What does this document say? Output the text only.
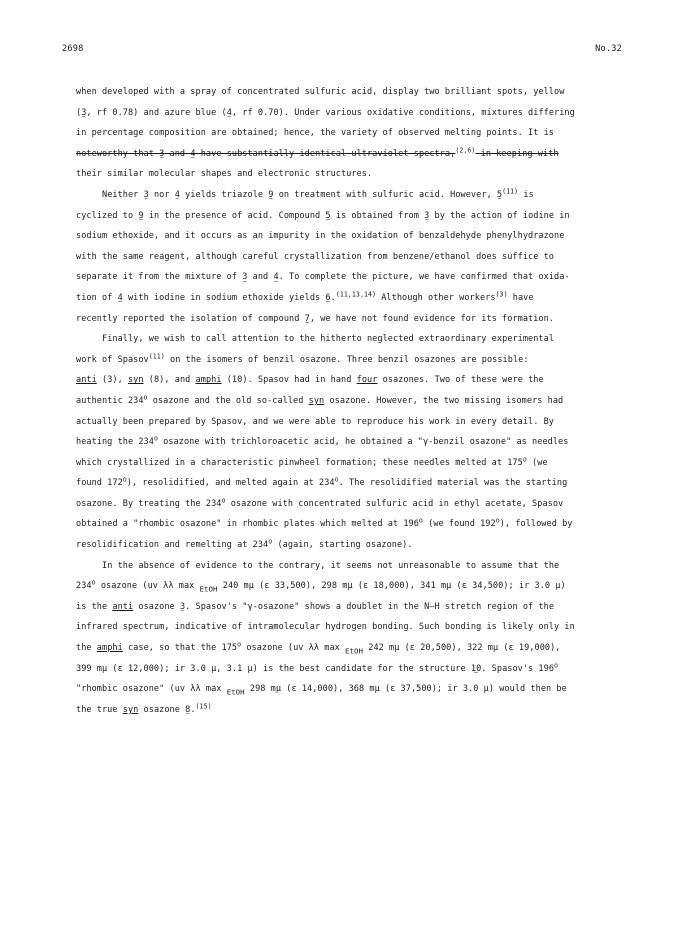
2698	No.32

when developed with a spray of concentrated sulfuric acid, display two brilliant spots, yellow

(3 ~, rf 0.78) and azure blue (4 ~, rf 0.70). Under various oxidative conditions, mixtures differing

in percentage composition are obtained; hence, the variety of observed melting points. It is

noteworthy that 3 ~ and 4 ~ have substantially identical ultraviolet spectra,$^{(2,6)}$ in keeping with

their similar molecular shapes and electronic structures.

Neither 3 ~ nor 4 ~ yields triazole 9 ~ on treatment with sulfuric acid. However, 5 ~$^{(11)}$ is

cyclized to 9 ~ in the presence of acid. Compound 5 ~ is obtained from 3 ~ by the action of iodine in

sodium ethoxide, and it occurs as an impurity in the oxidation of benzaldehyde phenylhydrazone

with the same reagent, although careful crystallization from benzene/ethanol does suffice to

separate it from the mixture of 3 ~ and 4 ~. To complete the picture, we have confirmed that oxida-

tion of 4 ~ with iodine in sodium ethoxide yields 6 ~.$^{(11,13,14)}$ Although other workers$^{(3)}$ have

recently reported the isolation of compound 7 ~, we have not found evidence for its formation.

Finally, we wish to call attention to the hitherto neglected extraordinary experimental

work of Spasov$^{(11)}$ on the isomers of benzil osazone. Three benzil osazones are possible:

anti (3), syn (8), and amphi (10). Spasov had in hand four osazones. Two of these were the

authentic 234$^o$ osazone and the old so-called syn osazone. However, the two missing isomers had

actually been prepared by Spasov, and we were able to reproduce his work in every detail. By

heating the 234$^o$ osazone with trichloroacetic acid, he obtained a "γ-benzil osazone" as needles

which crystallized in a characteristic pinwheel formation; these needles melted at 175$^o$ (we

found 172$^o$), resolidified, and melted again at 234$^o$. The resolidified material was the starting

osazone. By treating the 234$^o$ osazone with concentrated sulfuric acid in ethyl acetate, Spasov

obtained a "rhombic osazone" in rhombic plates which melted at 196$^o$ (we found 192$^o$), followed by

resolidification and remelting at 234$^o$ (again, starting osazone).

In the absence of evidence to the contrary, it seems not unreasonable to assume that the

234$^o$ osazone (uv λλ max $_{EtOH}$ 240 mμ (ε 33,500), 298 mμ (ε 18,000), 341 mμ (ε 34,500); ir 3.0 μ)

is the anti osazone 3 ~. Spasov's "γ-osazone" shows a doublet in the N—H stretch region of the

infrared spectrum, indicative of intramolecular hydrogen bonding. Such bonding is likely only in

the amphi case, so that the 175$^o$ osazone (uv λλ max $_{EtOH}$ 242 mμ (ε 20,500), 322 mμ (ε 19,000),

399 mμ (ε 12,000); ir 3.0 μ, 3.1 μ) is the best candidate for the structure 10 ~. Spasov's 196$^o$

"rhombic osazone" (uv λλ max $_{EtOH}$ 298 mμ (ε 14,000), 368 mμ (ε 37,500); ir 3.0 μ) would then be

the true syn osazone 8 ~.$^{(15)}$
